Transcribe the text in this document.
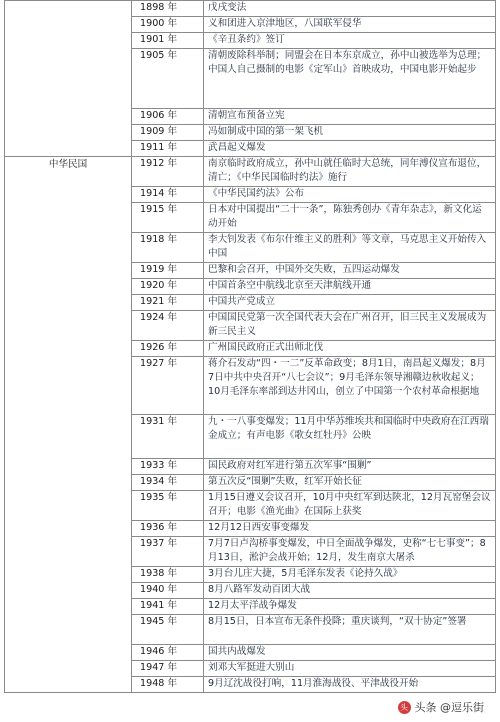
	1898 年	戊戌变法
	1900 年	义和团进入京津地区，八国联军侵华
	1901 年	《辛丑条约》签订
	1905 年	清朝废除科举制；同盟会在日本东京成立，孙中山被选举为总理；中国人自己摄制的电影《定军山》首映成功，中国电影开始起步
	1906 年	清朝宣布预备立宪
	1909 年	冯如制成中国的第一架飞机
	1911 年	武昌起义爆发
中华民国	1912 年	南京临时政府成立，孙中山就任临时大总统，同年溥仪宣布退位，清亡；《中华民国临时约法》施行
	1914 年	《中华民国约法》公布
	1915 年	日本对中国提出“二十一条”，陈独秀创办《青年杂志》，新文化运动开始
	1918 年	李大钊发表《布尔什维主义的胜利》等文章，马克思主义开始传入中国
	1919 年	巴黎和会召开，中国外交失败，五四运动爆发
	1920 年	中国首条空中航线北京至天津航线开通
	1921 年	中国共产党成立
	1924 年	中国国民党第一次全国代表大会在广州召开，旧三民主义发展成为新三民主义
	1926 年	广州国民政府正式出师北伐
	1927 年	蒋介石发动“四・一二”反革命政变；8月1日，南昌起义爆发；8月7日中共中央召开“八七会议”；9月毛泽东领导湘赣边秋收起义；10月毛泽东率部到达井冈山，创立了中国第一个农村革命根据地
	1931 年	九・一八事变爆发；11月中华苏维埃共和国临时中央政府在江西瑞金成立；有声电影《歌女红牡丹》公映
	1933 年	国民政府对红军进行第五次军事“围剿”
	1934 年	第五次反“围剿”失败，红军开始长征
	1935 年	1月15日遵义会议召开，10月中央红军到达陕北，12月瓦窑堡会议召开；电影《渔光曲》在国际上获奖
	1936 年	12月12日西安事变爆发
	1937 年	7月7日卢沟桥事变爆发，中日全面战争爆发，史称“七七事变”；8月13日，淞沪会战开始；12月，发生南京大屠杀
	1938 年	3月台儿庄大捷，5月毛泽东发表《论持久战》
	1940 年	8月八路军发动百团大战
	1941 年	12月太平洋战争爆发
	1945 年	8月15日，日本宣布无条件投降；重庆谈判，“双十协定”签署
	1946 年	国共内战爆发
	1947 年	刘邓大军挺进大别山
	1948 年	9月辽沈战役打响，11月淮海战役、平津战役开始
头 头条 @逗乐街
